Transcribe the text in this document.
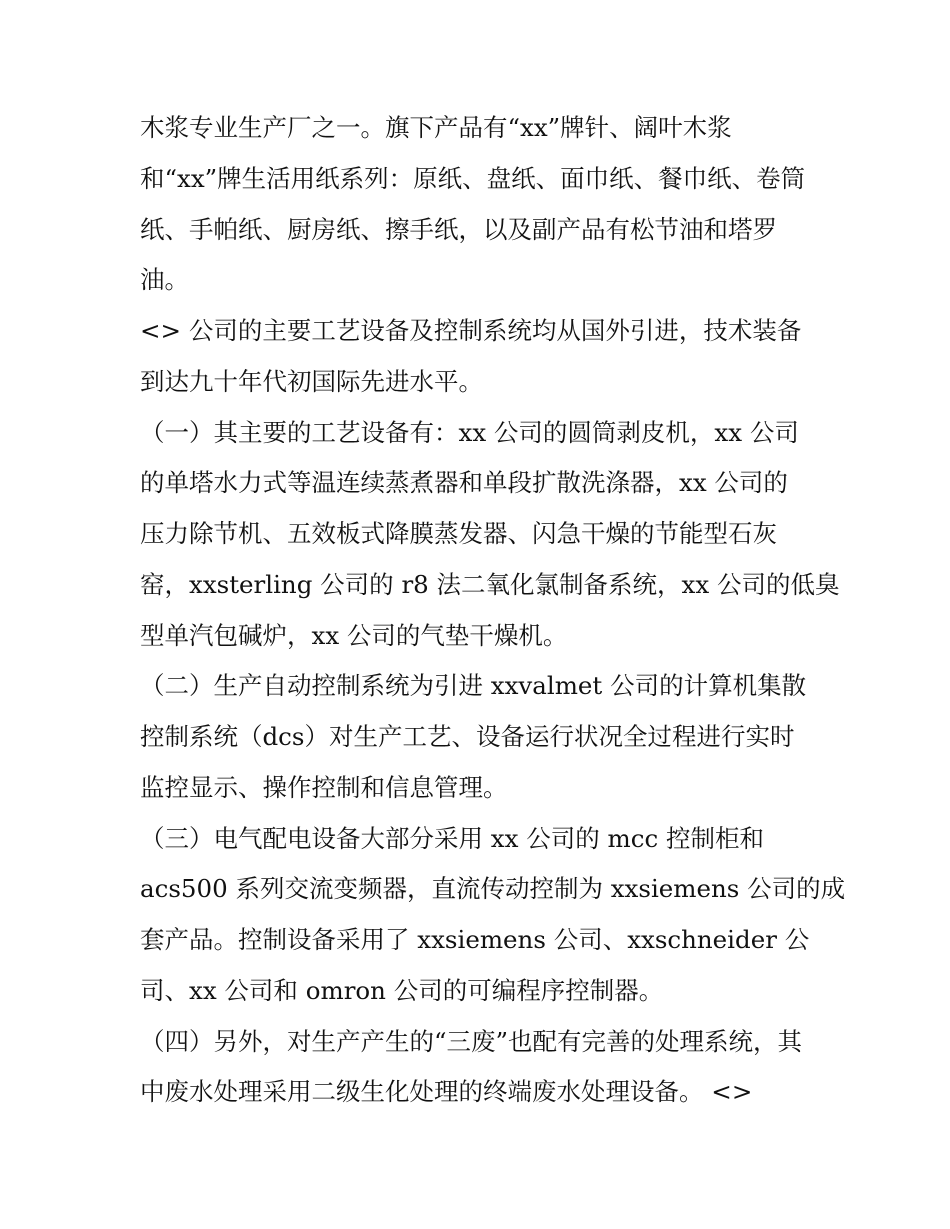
木浆专业生产厂之一。旗下产品有“xx”牌针、阔叶木浆
和“xx”牌生活用纸系列：原纸、盘纸、面巾纸、餐巾纸、卷筒
纸、手帕纸、厨房纸、擦手纸，以及副产品有松节油和塔罗
油。
<> 公司的主要工艺设备及控制系统均从国外引进，技术装备
到达九十年代初国际先进水平。
（一）其主要的工艺设备有：xx 公司的圆筒剥皮机，xx 公司
的单塔水力式等温连续蒸煮器和单段扩散洗涤器，xx 公司的
压力除节机、五效板式降膜蒸发器、闪急干燥的节能型石灰
窑，xxsterling 公司的 r8 法二氧化氯制备系统，xx 公司的低臭
型单汽包碱炉，xx 公司的气垫干燥机。
（二）生产自动控制系统为引进 xxvalmet 公司的计算机集散
控制系统（dcs）对生产工艺、设备运行状况全过程进行实时
监控显示、操作控制和信息管理。
（三）电气配电设备大部分采用 xx 公司的 mcc 控制柜和
acs500 系列交流变频器，直流传动控制为 xxsiemens 公司的成
套产品。控制设备采用了 xxsiemens 公司、xxschneider 公
司、xx 公司和 omron 公司的可编程序控制器。
（四）另外，对生产产生的“三废”也配有完善的处理系统，其
中废水处理采用二级生化处理的终端废水处理设备。 <>
